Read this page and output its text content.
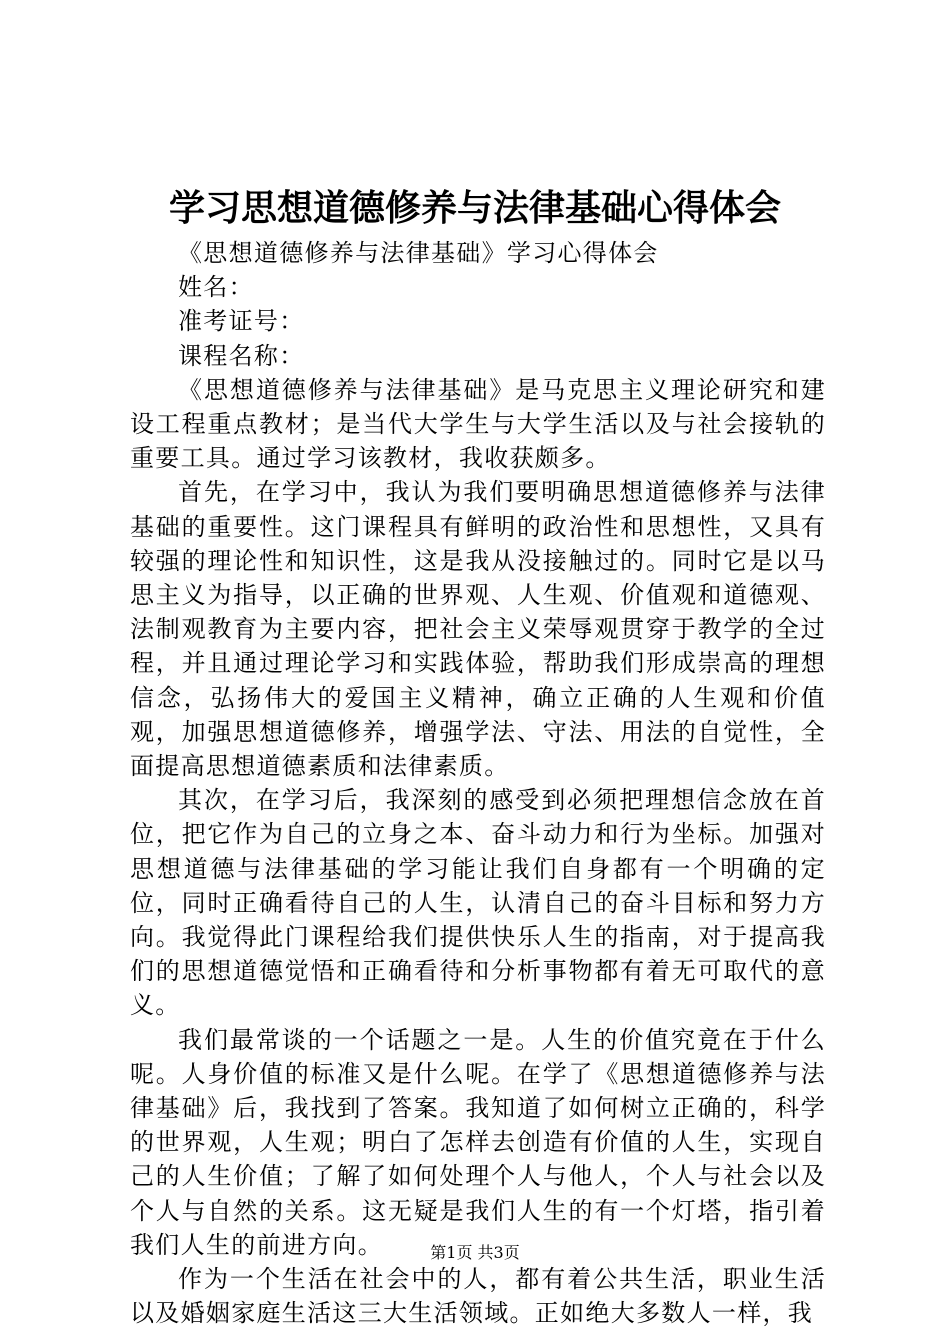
学习思想道德修养与法律基础心得体会

《思想道德修养与法律基础》学习心得体会

姓名：

准考证号：

课程名称：

《思想道德修养与法律基础》是马克思主义理论研究和建设工程重点教材；是当代大学生与大学生活以及与社会接轨的重要工具。通过学习该教材，我收获颇多。

首先，在学习中，我认为我们要明确思想道德修养与法律基础的重要性。这门课程具有鲜明的政治性和思想性，又具有较强的理论性和知识性，这是我从没接触过的。同时它是以马思主义为指导，以正确的世界观、人生观、价值观和道德观、法制观教育为主要内容，把社会主义荣辱观贯穿于教学的全过程，并且通过理论学习和实践体验，帮助我们形成崇高的理想信念，弘扬伟大的爱国主义精神，确立正确的人生观和价值观，加强思想道德修养，增强学法、守法、用法的自觉性，全面提高思想道德素质和法律素质。

其次，在学习后，我深刻的感受到必须把理想信念放在首位，把它作为自己的立身之本、奋斗动力和行为坐标。加强对思想道德与法律基础的学习能让我们自身都有一个明确的定位，同时正确看待自己的人生，认清自己的奋斗目标和努力方向。我觉得此门课程给我们提供快乐人生的指南，对于提高我们的思想道德觉悟和正确看待和分析事物都有着无可取代的意义。

我们最常谈的一个话题之一是。人生的价值究竟在于什么呢。人身价值的标准又是什么呢。在学了《思想道德修养与法律基础》后，我找到了答案。我知道了如何树立正确的，科学的世界观，人生观；明白了怎样去创造有价值的人生，实现自己的人生价值；了解了如何处理个人与他人，个人与社会以及个人与自然的关系。这无疑是我们人生的有一个灯塔，指引着我们人生的前进方向。

作为一个生活在社会中的人，都有着公共生活，职业生活以及婚姻家庭生活这三大生活领域。正如绝大多数人一样，我

第1页 共3页
